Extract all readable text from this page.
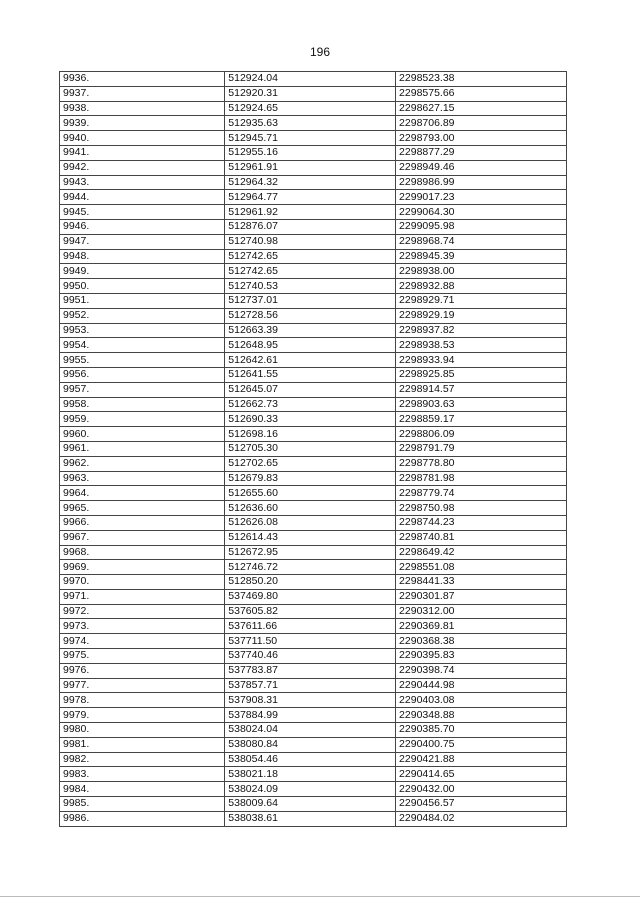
196
9936.	512924.04	2298523.38
9937.	512920.31	2298575.66
9938.	512924.65	2298627.15
9939.	512935.63	2298706.89
9940.	512945.71	2298793.00
9941.	512955.16	2298877.29
9942.	512961.91	2298949.46
9943.	512964.32	2298986.99
9944.	512964.77	2299017.23
9945.	512961.92	2299064.30
9946.	512876.07	2299095.98
9947.	512740.98	2298968.74
9948.	512742.65	2298945.39
9949.	512742.65	2298938.00
9950.	512740.53	2298932.88
9951.	512737.01	2298929.71
9952.	512728.56	2298929.19
9953.	512663.39	2298937.82
9954.	512648.95	2298938.53
9955.	512642.61	2298933.94
9956.	512641.55	2298925.85
9957.	512645.07	2298914.57
9958.	512662.73	2298903.63
9959.	512690.33	2298859.17
9960.	512698.16	2298806.09
9961.	512705.30	2298791.79
9962.	512702.65	2298778.80
9963.	512679.83	2298781.98
9964.	512655.60	2298779.74
9965.	512636.60	2298750.98
9966.	512626.08	2298744.23
9967.	512614.43	2298740.81
9968.	512672.95	2298649.42
9969.	512746.72	2298551.08
9970.	512850.20	2298441.33
9971.	537469.80	2290301.87
9972.	537605.82	2290312.00
9973.	537611.66	2290369.81
9974.	537711.50	2290368.38
9975.	537740.46	2290395.83
9976.	537783.87	2290398.74
9977.	537857.71	2290444.98
9978.	537908.31	2290403.08
9979.	537884.99	2290348.88
9980.	538024.04	2290385.70
9981.	538080.84	2290400.75
9982.	538054.46	2290421.88
9983.	538021.18	2290414.65
9984.	538024.09	2290432.00
9985.	538009.64	2290456.57
9986.	538038.61	2290484.02
